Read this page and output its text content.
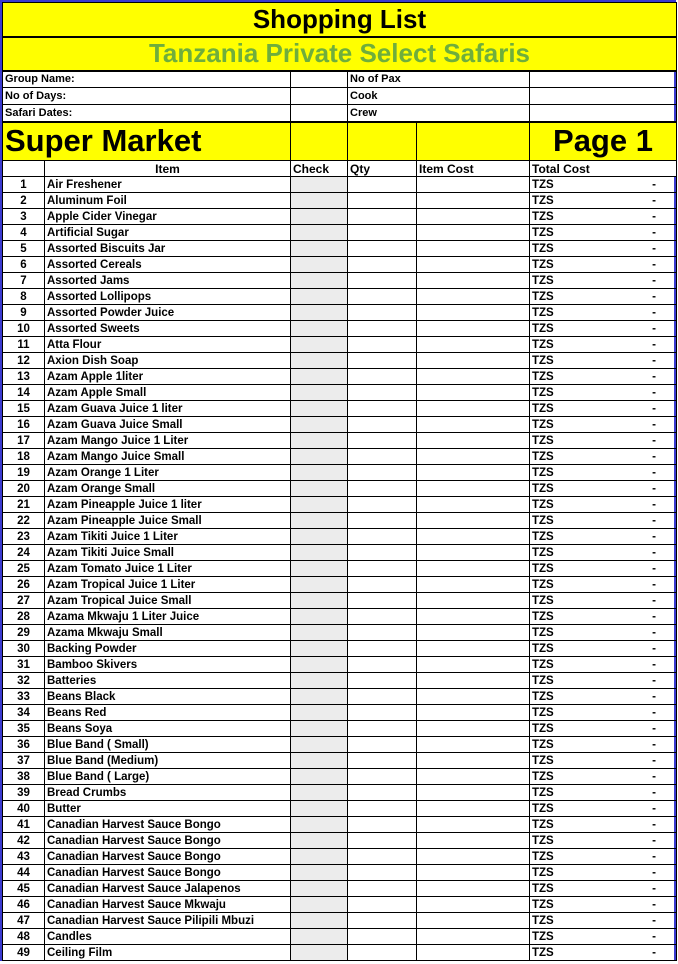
Shopping List					
Tanzania Private Select Safaris					
Group Name:			No of Pax		
No of Days:			Cook		
Safari Dates:			Crew		
Super Market					Page 1
	Item	Check	Qty	Item Cost	Total Cost
1	Air Freshener				TZS -

2	Aluminum Foil				TZS -

3	Apple Cider Vinegar				TZS -

4	Artificial Sugar				TZS -

5	Assorted Biscuits Jar				TZS -

6	Assorted Cereals				TZS -

7	Assorted Jams				TZS -

8	Assorted Lollipops				TZS -

9	Assorted Powder Juice				TZS -

10	Assorted Sweets				TZS -

11	Atta Flour				TZS -

12	Axion Dish Soap				TZS -

13	Azam Apple 1liter				TZS -

14	Azam Apple Small				TZS -

15	Azam Guava Juice 1 liter				TZS -

16	Azam Guava Juice Small				TZS -

17	Azam Mango Juice 1 Liter				TZS -

18	Azam Mango Juice Small				TZS -

19	Azam Orange 1 Liter				TZS -

20	Azam Orange Small				TZS -

21	Azam Pineapple Juice 1 liter				TZS -

22	Azam Pineapple Juice Small				TZS -

23	Azam Tikiti Juice 1 Liter				TZS -

24	Azam Tikiti Juice Small				TZS -

25	Azam Tomato Juice 1 Liter				TZS -

26	Azam Tropical Juice 1 Liter				TZS -

27	Azam Tropical Juice Small				TZS -

28	Azama Mkwaju 1 Liter Juice				TZS -

29	Azama Mkwaju Small				TZS -

30	Backing Powder				TZS -

31	Bamboo Skivers				TZS -

32	Batteries				TZS -

33	Beans Black				TZS -

34	Beans Red				TZS -

35	Beans Soya				TZS -

36	Blue Band ( Small)				TZS -

37	Blue Band (Medium)				TZS -

38	Blue Band ( Large)				TZS -

39	Bread Crumbs				TZS -

40	Butter				TZS -

41	Canadian Harvest Sauce Bongo				TZS -

42	Canadian Harvest Sauce Bongo				TZS -

43	Canadian Harvest Sauce Bongo				TZS -

44	Canadian Harvest Sauce Bongo				TZS -

45	Canadian Harvest Sauce Jalapenos				TZS -

46	Canadian Harvest Sauce Mkwaju				TZS -

47	Canadian Harvest Sauce Pilipili Mbuzi				TZS -

48	Candles				TZS -

49	Ceiling Film				TZS -
